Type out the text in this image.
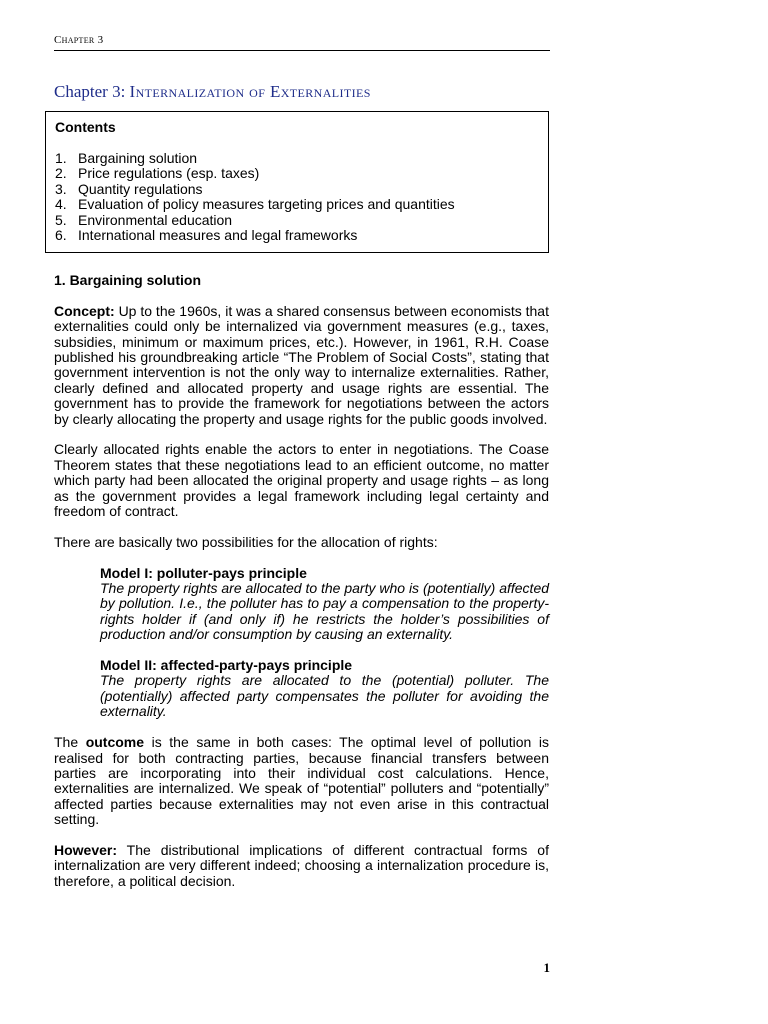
Chapter 3
Chapter 3: Internalization of Externalities
Contents
1. Bargaining solution
2. Price regulations (esp. taxes)
3. Quantity regulations
4. Evaluation of policy measures targeting prices and quantities
5. Environmental education
6. International measures and legal frameworks
1. Bargaining solution

Concept: Up to the 1960s, it was a shared consensus between economists that externalities could only be internalized via government measures (e.g., taxes, subsidies, minimum or maximum prices, etc.). However, in 1961, R.H. Coase published his groundbreaking article “The Problem of Social Costs”, stating that government intervention is not the only way to internalize externalities. Rather, clearly defined and allocated property and usage rights are essential. The government has to provide the framework for negotiations between the actors by clearly allocating the property and usage rights for the public goods involved.

Clearly allocated rights enable the actors to enter in negotiations. The Coase Theorem states that these negotiations lead to an efficient outcome, no matter which party had been allocated the original property and usage rights – as long as the government provides a legal framework including legal certainty and freedom of contract.

There are basically two possibilities for the allocation of rights:

Model I: polluter-pays principle
The property rights are allocated to the party who is (potentially) affected by pollution. I.e., the polluter has to pay a compensation to the property-rights holder if (and only if) he restricts the holder’s possibilities of production and/or consumption by causing an externality.
Model II: affected-party-pays principle
The property rights are allocated to the (potential) polluter. The (potentially) affected party compensates the polluter for avoiding the externality.

The outcome is the same in both cases: The optimal level of pollution is realised for both contracting parties, because financial transfers between parties are incorporating into their individual cost calculations. Hence, externalities are internalized. We speak of “potential” polluters and “potentially” affected parties because externalities may not even arise in this contractual setting.

However: The distributional implications of different contractual forms of internalization are very different indeed; choosing a internalization procedure is, therefore, a political decision.

1
